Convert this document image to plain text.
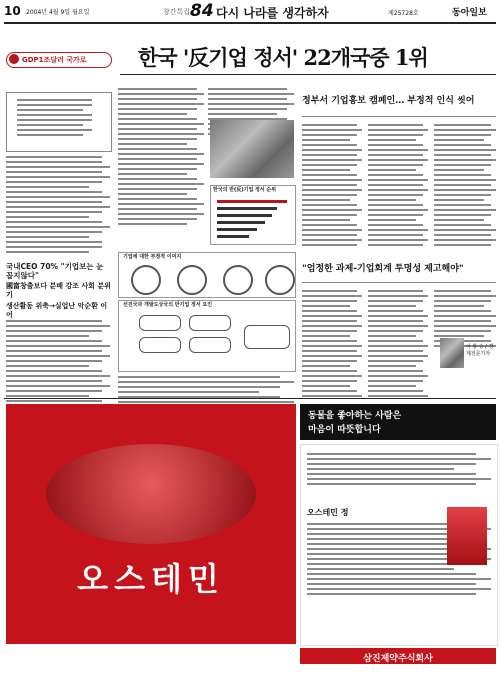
10 2004년 4월 9일 월요일	창간특집 84 다시 나라를 생각하자	제25728호	동아일보
GDP1조달러 국가로 한국 '反기업 정서' 22개국중 1위
국내CEO 70% "기업보는 눈 꼽지않다"
國富창출보다 분배 강조 사회 분위기
생산활동 위축→실업난 악순환 이어
한국의 반(反)기업 정서 순위
기업에 대한 부정적 이미지
선진국과 개발도상국의 반기업 정서 요인
정부서 기업홍보 캠페인… 부정적 인식 씻어
"엄정한 과제-기업회계 투명성 제고해야"
이 홍 승 / 경제전문기자
동물을 좋아하는 사람은
마음이 따뜻합니다
오스테민
오스테민 정
삼진제약주식회사
